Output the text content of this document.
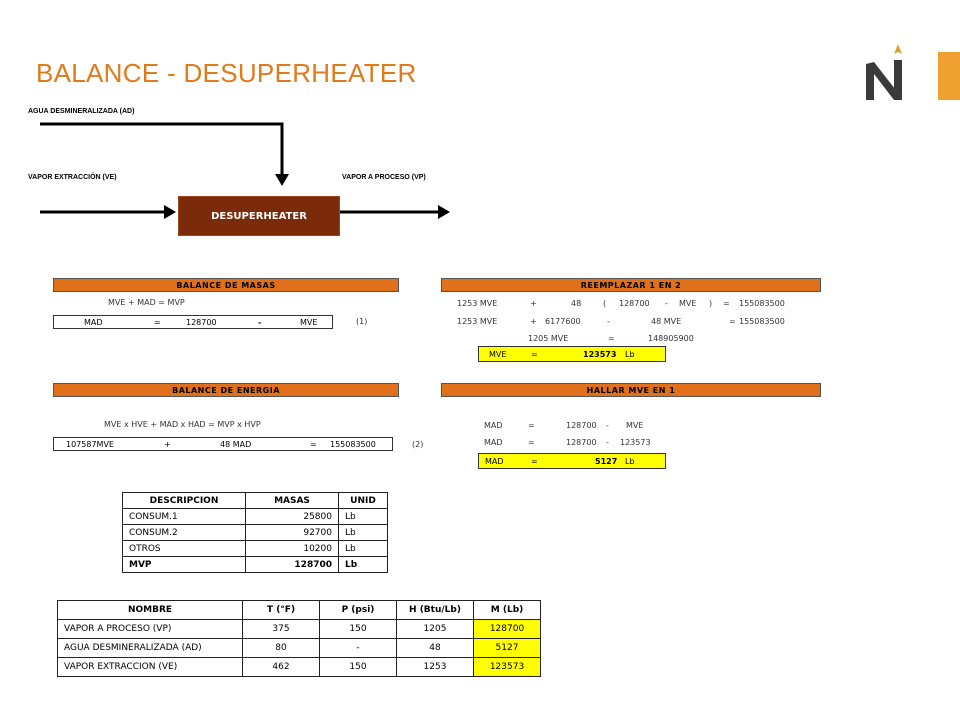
BALANCE - DESUPERHEATER
AGUA DESMINERALIZADA (AD)
VAPOR EXTRACCIÓN (VE)	VAPOR A PROCESO (VP)
DESUPERHEATER
BALANCE DE MASAS
MVE + MAD = MVP
MAD	=	128700	-	MVE	(1)
REEMPLAZAR 1 EN 2
1253 MVE	+	48	( 128700 - MVE ) = 155083500
1253 MVE	+ 6177600	-	48 MVE	= 155083500
1205 MVE	=	148905900
MVE	=	123573 Lb
BALANCE DE ENERGIA
MVE x HVE + MAD x HAD = MVP x HVP
107587MVE	+	48 MAD	= 155083500	(2)
HALLAR MVE EN 1
MAD	=	128700 - MVE
MAD	=	128700 - 123573
MAD	=	5127 Lb
DESCRIPCION	MASAS	UNID
CONSUM.1	25800	Lb
CONSUM.2	92700	Lb
OTROS	10200	Lb
MVP	128700	Lb
NOMBRE	T (°F)	P (psi)	H (Btu/Lb)	M (Lb)
VAPOR A PROCESO (VP)	375	150	1205	128700
AGUA DESMINERALIZADA (AD)	80	-	48	5127
VAPOR EXTRACCION (VE)	462	150	1253	123573
